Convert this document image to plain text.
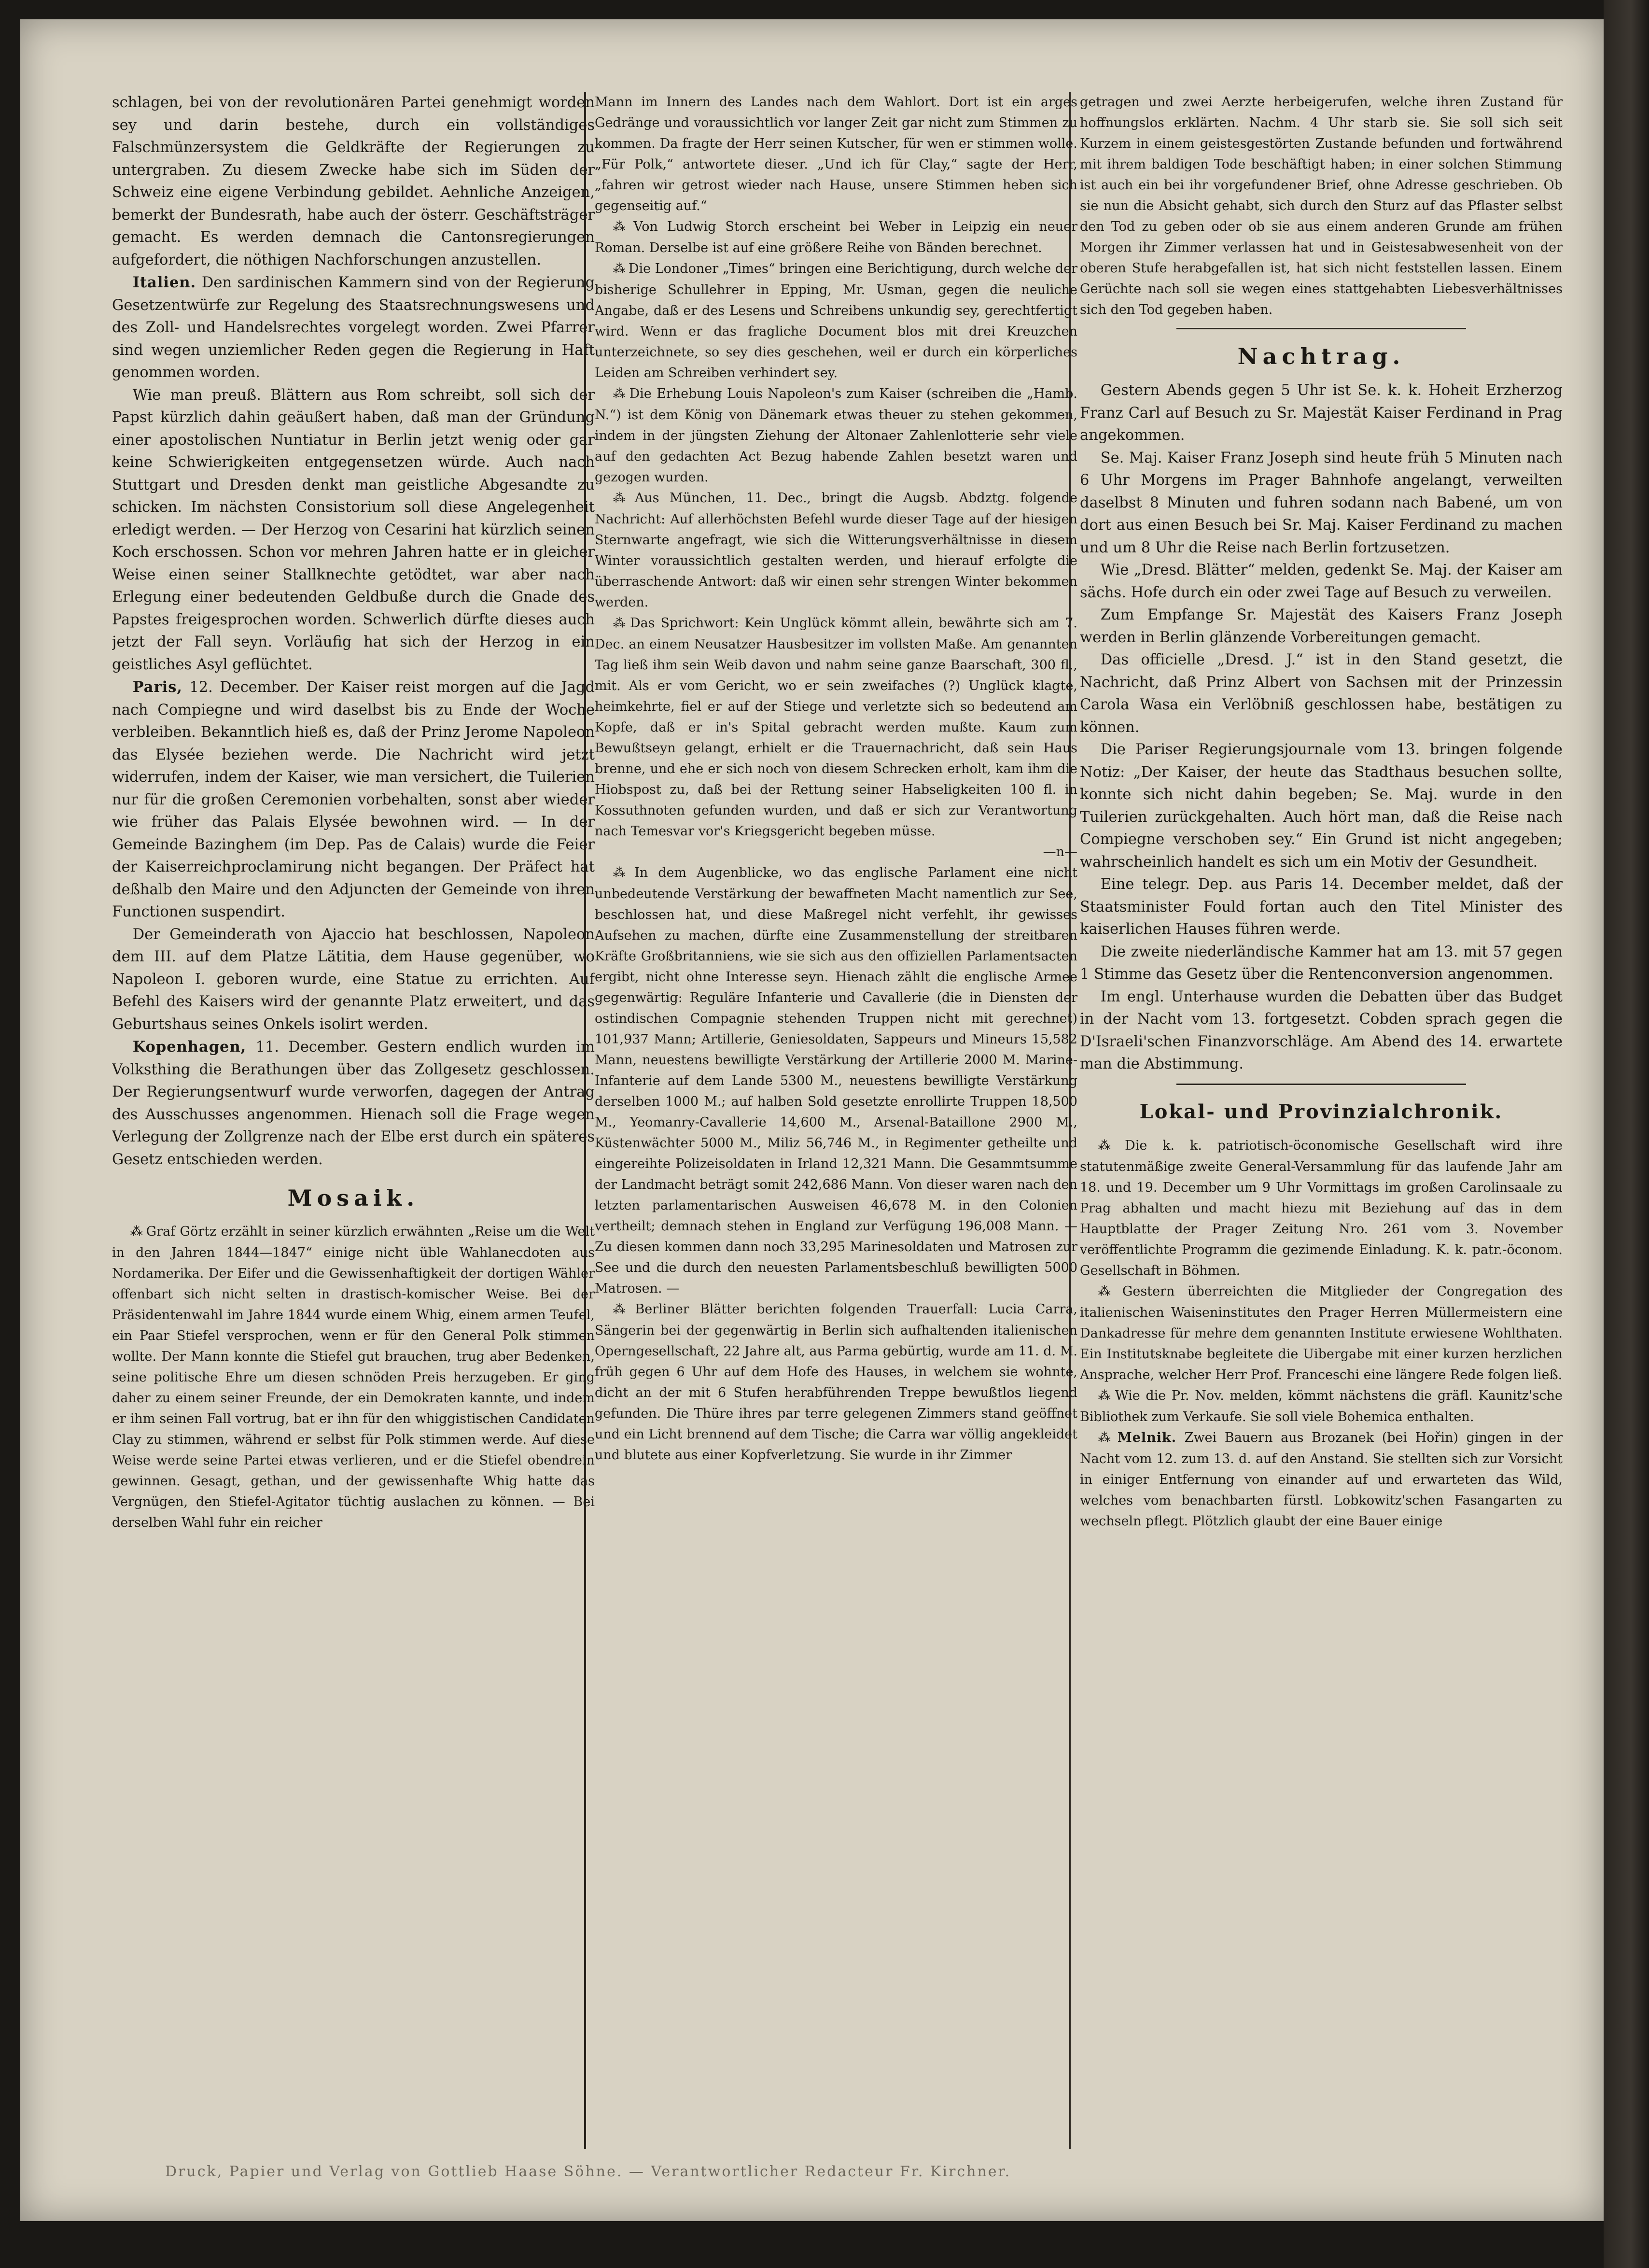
schlagen, bei von der revolutionären Partei genehmigt worden sey und darin bestehe, durch ein vollständiges Falschmünzersystem die Geldkräfte der Regierungen zu untergraben. Zu diesem Zwecke habe sich im Süden der Schweiz eine eigene Verbindung gebildet. Aehnliche Anzeigen, bemerkt der Bundesrath, habe auch der österr. Geschäftsträger gemacht. Es werden demnach die Cantonsregierungen aufgefordert, die nöthigen Nachforschungen anzustellen.

Italien. Den sardinischen Kammern sind von der Regierung Gesetzentwürfe zur Regelung des Staatsrechnungswesens und des Zoll- und Handelsrechtes vorgelegt worden. Zwei Pfarrer sind wegen unziemlicher Reden gegen die Regierung in Haft genommen worden.

Wie man preuß. Blättern aus Rom schreibt, soll sich der Papst kürzlich dahin geäußert haben, daß man der Gründung einer apostolischen Nuntiatur in Berlin jetzt wenig oder gar keine Schwierigkeiten entgegensetzen würde. Auch nach Stuttgart und Dresden denkt man geistliche Abgesandte zu schicken. Im nächsten Consistorium soll diese Angelegenheit erledigt werden. — Der Herzog von Cesarini hat kürzlich seinen Koch erschossen. Schon vor mehren Jahren hatte er in gleicher Weise einen seiner Stallknechte getödtet, war aber nach Erlegung einer bedeutenden Geldbuße durch die Gnade des Papstes freigesprochen worden. Schwerlich dürfte dieses auch jetzt der Fall seyn. Vorläufig hat sich der Herzog in ein geistliches Asyl geflüchtet.

Paris, 12. December. Der Kaiser reist morgen auf die Jagd nach Compiegne und wird daselbst bis zu Ende der Woche verbleiben. Bekanntlich hieß es, daß der Prinz Jerome Napoleon das Elysée beziehen werde. Die Nachricht wird jetzt widerrufen, indem der Kaiser, wie man versichert, die Tuilerien nur für die großen Ceremonien vorbehalten, sonst aber wieder wie früher das Palais Elysée bewohnen wird. — In der Gemeinde Bazinghem (im Dep. Pas de Calais) wurde die Feier der Kaiserreichproclamirung nicht begangen. Der Präfect hat deßhalb den Maire und den Adjuncten der Gemeinde von ihren Functionen suspendirt.

Der Gemeinderath von Ajaccio hat beschlossen, Napoleon dem III. auf dem Platze Lätitia, dem Hause gegenüber, wo Napoleon I. geboren wurde, eine Statue zu errichten. Auf Befehl des Kaisers wird der genannte Platz erweitert, und das Geburtshaus seines Onkels isolirt werden.

Kopenhagen, 11. December. Gestern endlich wurden im Volksthing die Berathungen über das Zollgesetz geschlossen. Der Regierungsentwurf wurde verworfen, dagegen der Antrag des Ausschusses angenommen. Hienach soll die Frage wegen Verlegung der Zollgrenze nach der Elbe erst durch ein späteres Gesetz entschieden werden.

Mosaik.

⁂ Graf Görtz erzählt in seiner kürzlich erwähnten „Reise um die Welt in den Jahren 1844—1847“ einige nicht üble Wahlanecdoten aus Nordamerika. Der Eifer und die Gewissenhaftigkeit der dortigen Wähler offenbart sich nicht selten in drastisch-komischer Weise. Bei der Präsidentenwahl im Jahre 1844 wurde einem Whig, einem armen Teufel, ein Paar Stiefel versprochen, wenn er für den General Polk stimmen wollte. Der Mann konnte die Stiefel gut brauchen, trug aber Bedenken, seine politische Ehre um diesen schnöden Preis herzugeben. Er ging daher zu einem seiner Freunde, der ein Demokraten kannte, und indem er ihm seinen Fall vortrug, bat er ihn für den whiggistischen Candidaten Clay zu stimmen, während er selbst für Polk stimmen werde. Auf diese Weise werde seine Partei etwas verlieren, und er die Stiefel obendrein gewinnen. Gesagt, gethan, und der gewissenhafte Whig hatte das Vergnügen, den Stiefel-Agitator tüchtig auslachen zu können. — Bei derselben Wahl fuhr ein reicher

Mann im Innern des Landes nach dem Wahlort. Dort ist ein arges Gedränge und voraussichtlich vor langer Zeit gar nicht zum Stimmen zu kommen. Da fragte der Herr seinen Kutscher, für wen er stimmen wolle. „Für Polk,“ antwortete dieser. „Und ich für Clay,“ sagte der Herr, „fahren wir getrost wieder nach Hause, unsere Stimmen heben sich gegenseitig auf.“

⁂ Von Ludwig Storch erscheint bei Weber in Leipzig ein neuer Roman. Derselbe ist auf eine größere Reihe von Bänden berechnet.

⁂ Die Londoner „Times“ bringen eine Berichtigung, durch welche der bisherige Schullehrer in Epping, Mr. Usman, gegen die neuliche Angabe, daß er des Lesens und Schreibens unkundig sey, gerechtfertigt wird. Wenn er das fragliche Document blos mit drei Kreuzchen unterzeichnete, so sey dies geschehen, weil er durch ein körperliches Leiden am Schreiben verhindert sey.

⁂ Die Erhebung Louis Napoleon's zum Kaiser (schreiben die „Hamb. N.“) ist dem König von Dänemark etwas theuer zu stehen gekommen, indem in der jüngsten Ziehung der Altonaer Zahlenlotterie sehr viele auf den gedachten Act Bezug habende Zahlen besetzt waren und gezogen wurden.

⁂ Aus München, 11. Dec., bringt die Augsb. Abdztg. folgende Nachricht: Auf allerhöchsten Befehl wurde dieser Tage auf der hiesigen Sternwarte angefragt, wie sich die Witterungsverhältnisse in diesem Winter voraussichtlich gestalten werden, und hierauf erfolgte die überraschende Antwort: daß wir einen sehr strengen Winter bekommen werden.

⁂ Das Sprichwort: Kein Unglück kömmt allein, bewährte sich am 7. Dec. an einem Neusatzer Hausbesitzer im vollsten Maße. Am genannten Tag ließ ihm sein Weib davon und nahm seine ganze Baarschaft, 300 fl., mit. Als er vom Gericht, wo er sein zweifaches (?) Unglück klagte, heimkehrte, fiel er auf der Stiege und verletzte sich so bedeutend am Kopfe, daß er in's Spital gebracht werden mußte. Kaum zum Bewußtseyn gelangt, erhielt er die Trauernachricht, daß sein Haus brenne, und ehe er sich noch von diesem Schrecken erholt, kam ihm die Hiobspost zu, daß bei der Rettung seiner Habseligkeiten 100 fl. in Kossuthnoten gefunden wurden, und daß er sich zur Verantwortung nach Temesvar vor's Kriegsgericht begeben müsse.

—n—

⁂ In dem Augenblicke, wo das englische Parlament eine nicht unbedeutende Verstärkung der bewaffneten Macht namentlich zur See, beschlossen hat, und diese Maßregel nicht verfehlt, ihr gewisses Aufsehen zu machen, dürfte eine Zusammenstellung der streitbaren Kräfte Großbritanniens, wie sie sich aus den offiziellen Parlamentsacten ergibt, nicht ohne Interesse seyn. Hienach zählt die englische Armee gegenwärtig: Reguläre Infanterie und Cavallerie (die in Diensten der ostindischen Compagnie stehenden Truppen nicht mit gerechnet) 101,937 Mann; Artillerie, Geniesoldaten, Sappeurs und Mineurs 15,582 Mann, neuestens bewilligte Verstärkung der Artillerie 2000 M. Marine-Infanterie auf dem Lande 5300 M., neuestens bewilligte Verstärkung derselben 1000 M.; auf halben Sold gesetzte enrollirte Truppen 18,500 M., Yeomanry-Cavallerie 14,600 M., Arsenal-Bataillone 2900 M., Küstenwächter 5000 M., Miliz 56,746 M., in Regimenter getheilte und eingereihte Polizeisoldaten in Irland 12,321 Mann. Die Gesammtsumme der Landmacht beträgt somit 242,686 Mann. Von dieser waren nach den letzten parlamentarischen Ausweisen 46,678 M. in den Colonien vertheilt; demnach stehen in England zur Verfügung 196,008 Mann. — Zu diesen kommen dann noch 33,295 Marinesoldaten und Matrosen zur See und die durch den neuesten Parlamentsbeschluß bewilligten 5000 Matrosen. —

⁂ Berliner Blätter berichten folgenden Trauerfall: Lucia Carra, Sängerin bei der gegenwärtig in Berlin sich aufhaltenden italienischen Operngesellschaft, 22 Jahre alt, aus Parma gebürtig, wurde am 11. d. M. früh gegen 6 Uhr auf dem Hofe des Hauses, in welchem sie wohnte, dicht an der mit 6 Stufen herabführenden Treppe bewußtlos liegend gefunden. Die Thüre ihres par terre gelegenen Zimmers stand geöffnet und ein Licht brennend auf dem Tische; die Carra war völlig angekleidet und blutete aus einer Kopfverletzung. Sie wurde in ihr Zimmer

getragen und zwei Aerzte herbeigerufen, welche ihren Zustand für hoffnungslos erklärten. Nachm. 4 Uhr starb sie. Sie soll sich seit Kurzem in einem geistesgestörten Zustande befunden und fortwährend mit ihrem baldigen Tode beschäftigt haben; in einer solchen Stimmung ist auch ein bei ihr vorgefundener Brief, ohne Adresse geschrieben. Ob sie nun die Absicht gehabt, sich durch den Sturz auf das Pflaster selbst den Tod zu geben oder ob sie aus einem anderen Grunde am frühen Morgen ihr Zimmer verlassen hat und in Geistesabwesenheit von der oberen Stufe herabgefallen ist, hat sich nicht feststellen lassen. Einem Gerüchte nach soll sie wegen eines stattgehabten Liebesverhältnisses sich den Tod gegeben haben.

Nachtrag.

Gestern Abends gegen 5 Uhr ist Se. k. k. Hoheit Erzherzog Franz Carl auf Besuch zu Sr. Majestät Kaiser Ferdinand in Prag angekommen.

Se. Maj. Kaiser Franz Joseph sind heute früh 5 Minuten nach 6 Uhr Morgens im Prager Bahnhofe angelangt, verweilten daselbst 8 Minuten und fuhren sodann nach Babené, um von dort aus einen Besuch bei Sr. Maj. Kaiser Ferdinand zu machen und um 8 Uhr die Reise nach Berlin fortzusetzen.

Wie „Dresd. Blätter“ melden, gedenkt Se. Maj. der Kaiser am sächs. Hofe durch ein oder zwei Tage auf Besuch zu verweilen.

Zum Empfange Sr. Majestät des Kaisers Franz Joseph werden in Berlin glänzende Vorbereitungen gemacht.

Das officielle „Dresd. J.“ ist in den Stand gesetzt, die Nachricht, daß Prinz Albert von Sachsen mit der Prinzessin Carola Wasa ein Verlöbniß geschlossen habe, bestätigen zu können.

Die Pariser Regierungsjournale vom 13. bringen folgende Notiz: „Der Kaiser, der heute das Stadthaus besuchen sollte, konnte sich nicht dahin begeben; Se. Maj. wurde in den Tuilerien zurückgehalten. Auch hört man, daß die Reise nach Compiegne verschoben sey.“ Ein Grund ist nicht angegeben; wahrscheinlich handelt es sich um ein Motiv der Gesundheit.

Eine telegr. Dep. aus Paris 14. December meldet, daß der Staatsminister Fould fortan auch den Titel Minister des kaiserlichen Hauses führen werde.

Die zweite niederländische Kammer hat am 13. mit 57 gegen 1 Stimme das Gesetz über die Rentenconversion angenommen.

Im engl. Unterhause wurden die Debatten über das Budget in der Nacht vom 13. fortgesetzt. Cobden sprach gegen die D'Israeli'schen Finanzvorschläge. Am Abend des 14. erwartete man die Abstimmung.

Lokal- und Provinzialchronik.

⁂ Die k. k. patriotisch-öconomische Gesellschaft wird ihre statutenmäßige zweite General-Versammlung für das laufende Jahr am 18. und 19. December um 9 Uhr Vormittags im großen Carolinsaale zu Prag abhalten und macht hiezu mit Beziehung auf das in dem Hauptblatte der Prager Zeitung Nro. 261 vom 3. November veröffentlichte Programm die gezimende Einladung. K. k. patr.-öconom. Gesellschaft in Böhmen.

⁂ Gestern überreichten die Mitglieder der Congregation des italienischen Waiseninstitutes den Prager Herren Müllermeistern eine Dankadresse für mehre dem genannten Institute erwiesene Wohlthaten. Ein Institutsknabe begleitete die Uibergabe mit einer kurzen herzlichen Ansprache, welcher Herr Prof. Franceschi eine längere Rede folgen ließ.

⁂ Wie die Pr. Nov. melden, kömmt nächstens die gräfl. Kaunitz'sche Bibliothek zum Verkaufe. Sie soll viele Bohemica enthalten.

⁂ Melnik. Zwei Bauern aus Brozanek (bei Hořin) gingen in der Nacht vom 12. zum 13. d. auf den Anstand. Sie stellten sich zur Vorsicht in einiger Entfernung von einander auf und erwarteten das Wild, welches vom benachbarten fürstl. Lobkowitz'schen Fasangarten zu wechseln pflegt. Plötzlich glaubt der eine Bauer einige

Druck, Papier und Verlag von Gottlieb Haase Söhne. — Verantwortlicher Redacteur Fr. Kirchner.
